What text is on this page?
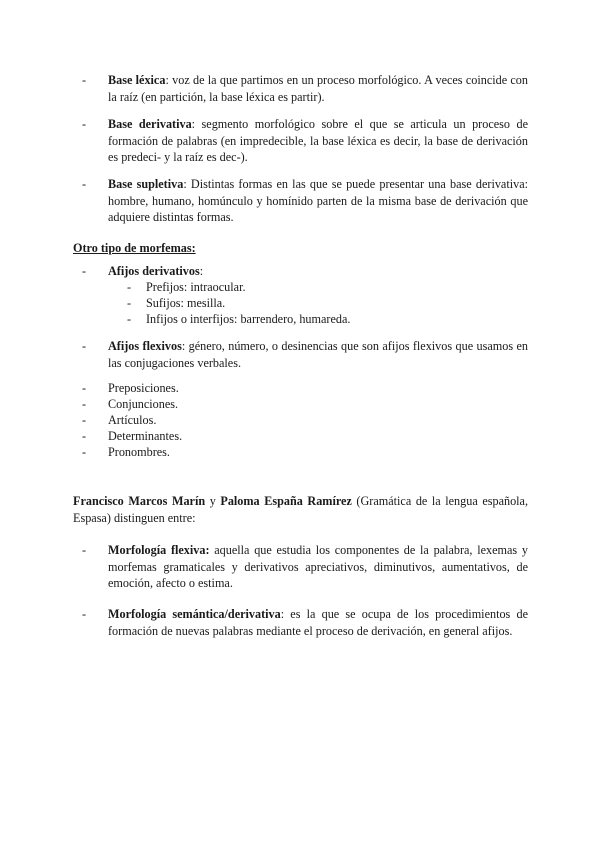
-	Base léxica: voz de la que partimos en un proceso morfológico. A veces coincide con la raíz (en partición, la base léxica es partir).
-	Base derivativa: segmento morfológico sobre el que se articula un proceso de formación de palabras (en impredecible, la base léxica es decir, la base de derivación es predeci- y la raíz es dec-).
-	Base supletiva: Distintas formas en las que se puede presentar una base derivativa: hombre, humano, homúnculo y homínido parten de la misma base de derivación que adquiere distintas formas.
Otro tipo de morfemas:
-	Afijos derivativos:
-	Prefijos: intraocular.
-	Sufijos: mesilla.
-	Infijos o interfijos: barrendero, humareda.
-	Afijos flexivos: género, número, o desinencias que son afijos flexivos que usamos en las conjugaciones verbales.
-	Preposiciones.
-	Conjunciones.
-	Artículos.
-	Determinantes.
-	Pronombres.
Francisco Marcos Marín y Paloma España Ramírez (Gramática de la lengua española, Espasa) distinguen entre:
-	Morfología flexiva: aquella que estudia los componentes de la palabra, lexemas y morfemas gramaticales y derivativos apreciativos, diminutivos, aumentativos, de emoción, afecto o estima.
-	Morfología semántica/derivativa: es la que se ocupa de los procedimientos de formación de nuevas palabras mediante el proceso de derivación, en general afijos.
